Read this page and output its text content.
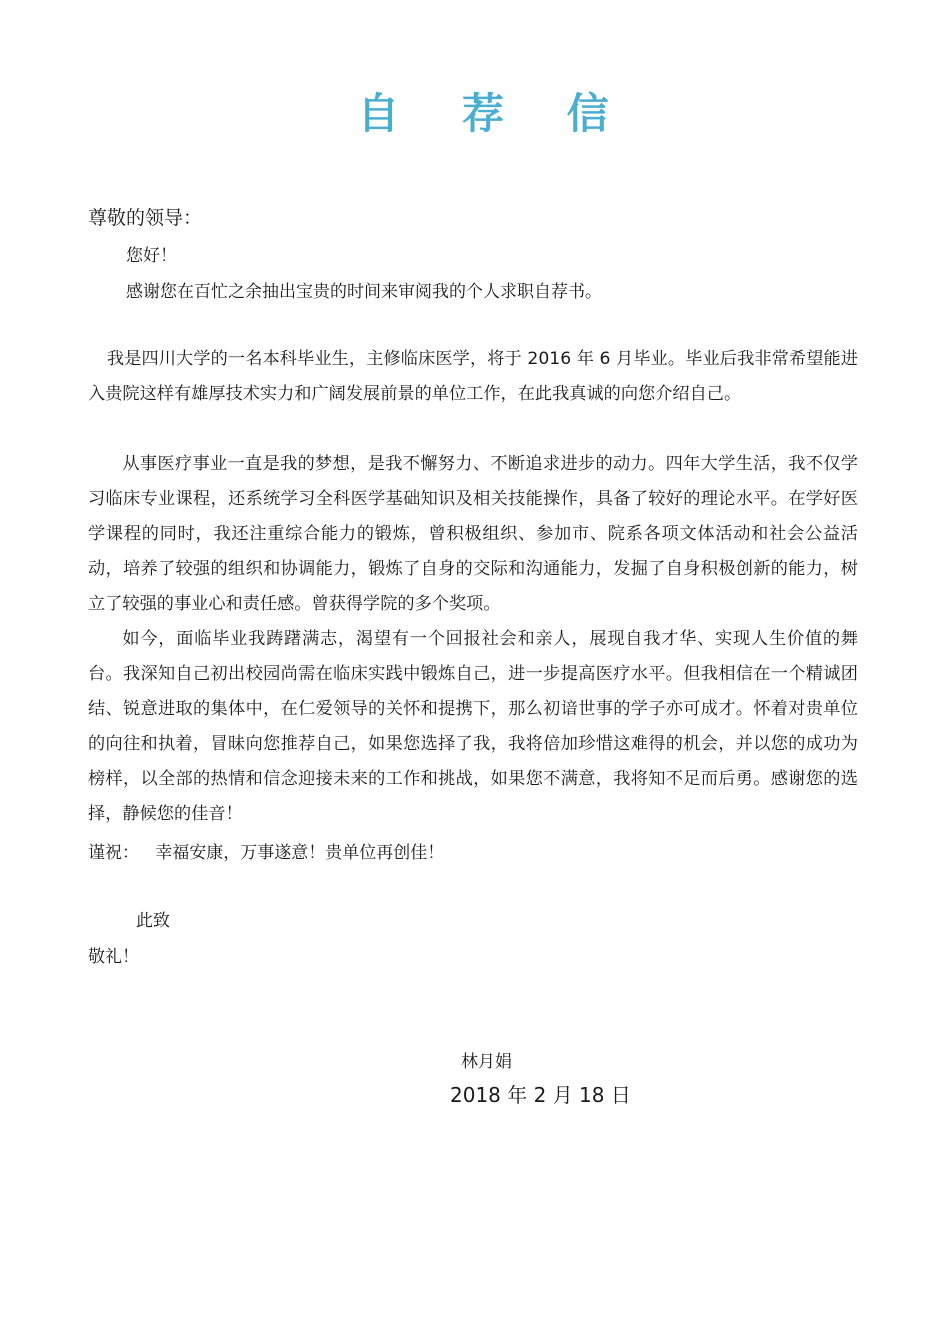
自 荐 信
尊敬的领导：
您好！
感谢您在百忙之余抽出宝贵的时间来审阅我的个人求职自荐书。

我是四川大学的一名本科毕业生，主修临床医学，将于 2016 年 6 月毕业。毕业后我非常希望能进入贵院这样有雄厚技术实力和广阔发展前景的单位工作，在此我真诚的向您介绍自己。

从事医疗事业一直是我的梦想，是我不懈努力、不断追求进步的动力。四年大学生活，我不仅学习临床专业课程，还系统学习全科医学基础知识及相关技能操作，具备了较好的理论水平。在学好医学课程的同时，我还注重综合能力的锻炼，曾积极组织、参加市、院系各项文体活动和社会公益活动，培养了较强的组织和协调能力，锻炼了自身的交际和沟通能力，发掘了自身积极创新的能力，树立了较强的事业心和责任感。曾获得学院的多个奖项。

如今，面临毕业我踌躇满志，渴望有一个回报社会和亲人，展现自我才华、实现人生价值的舞台。我深知自己初出校园尚需在临床实践中锻炼自己，进一步提高医疗水平。但我相信在一个精诚团结、锐意进取的集体中，在仁爱领导的关怀和提携下，那么初谙世事的学子亦可成才。怀着对贵单位的向往和执着，冒昧向您推荐自己，如果您选择了我，我将倍加珍惜这难得的机会，并以您的成功为榜样，以全部的热情和信念迎接未来的工作和挑战，如果您不满意，我将知不足而后勇。感谢您的选择，静候您的佳音！

谨祝：   幸福安康，万事遂意！贵单位再创佳！
此致
敬礼！
林月娟
2018 年 2 月 18 日
